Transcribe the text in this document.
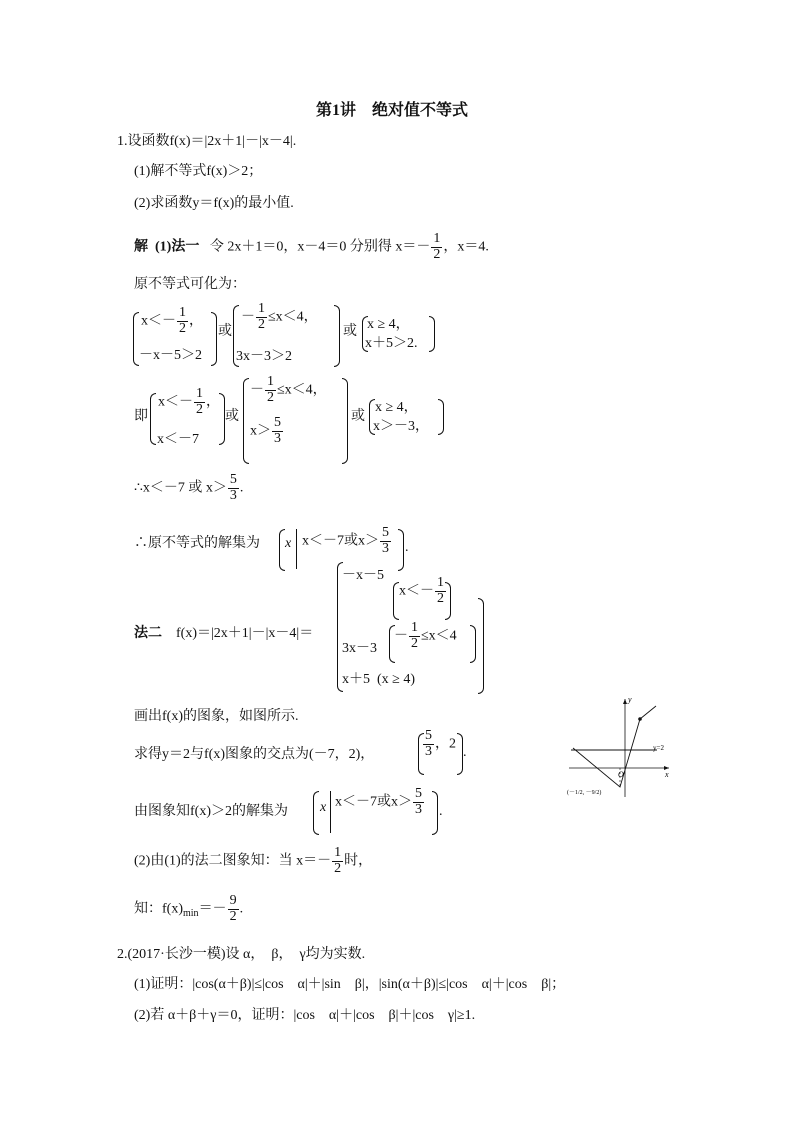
第1讲　绝对值不等式
1.设函数f(x)＝|2x＋1|－|x－4|.
(1)解不等式f(x)＞2；
(2)求函数y＝f(x)的最小值.
解 (1)法一 令 2x＋1＝0，x－4＝0 分别得 $x=- \frac{1}{2}$ ，x＝4.
原不等式可化为：
$x<- \frac{1}{2}$ ，
－x－5＞2
或
－ $\frac{1}{2} \le x<4$，
3x－3＞2
或 x ≥ 4，
x＋5＞2.
即
$x<- \frac{1}{2}$ ，
x＜－7
或
－ $\frac{1}{2} \le x<4$，
$x> \frac{5}{3}$	或
x ≥ 4，
x＞－3，
∴x＜－7 或 $x> \frac{5}{3}$ .
∴原不等式的解集为 x x＜－7或$x> \frac{5}{3}$ .
法二 f(x)＝|2x＋1|－|x－4|＝
－x－5
$x<- \frac{1}{2}$
3x－3
－ $\frac{1}{2} \le x<4$
x＋5 (x ≥ 4)
画出f(x)的图象，如图所示.
求得y＝2与f(x)图象的交点为(－7，2)，	$\frac{5}{3}$ ，2
.
由图象知f(x)＞2的解集为 x x＜－7或$x> \frac{5}{3}$ .
(2)由(1)的法二图象知：当 $x=- \frac{1}{2}$ 时，
知：$f(x)_{min}=- \frac{9}{2}$ .
y
x
O
y=2
(－1/2, －9/2)
2.(2017·长沙一模)设 α，　β，　γ均为实数.
(1)证明：|cos(α＋β)|≤|cos　α|＋|sin　β|，|sin(α＋β)|≤|cos　α|＋|cos　β|；
(2)若 α＋β＋γ＝0，证明：|cos　α|＋|cos　β|＋|cos　γ|≥1.
